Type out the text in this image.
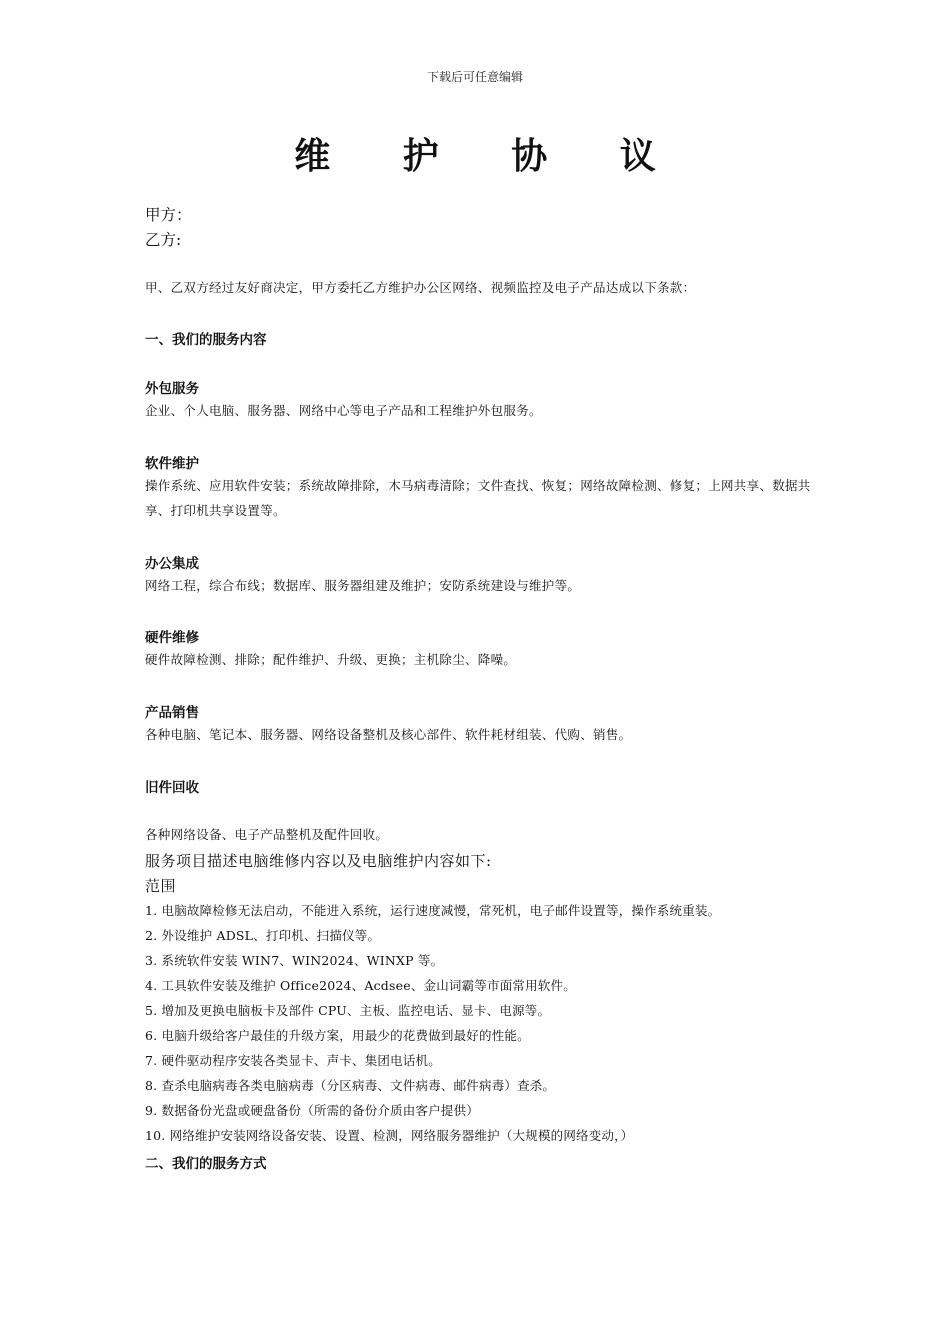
下载后可任意编辑
维 护 协 议
甲方：
乙方:
甲、乙双方经过友好商决定，甲方委托乙方维护办公区网络、视频监控及电子产品达成以下条款：
一、我们的服务内容
外包服务
企业、个人电脑、服务器、网络中心等电子产品和工程维护外包服务。
软件维护
操作系统、应用软件安装；系统故障排除，木马病毒清除；文件查找、恢复；网络故障检测、修复；上网共享、数据共享、打印机共享设置等。
办公集成
网络工程，综合布线；数据库、服务器组建及维护；安防系统建设与维护等。
硬件维修
硬件故障检测、排除；配件维护、升级、更换；主机除尘、降噪。
产品销售
各种电脑、笔记本、服务器、网络设备整机及核心部件、软件耗材组装、代购、销售。
旧件回收
各种网络设备、电子产品整机及配件回收。
服务项目描述电脑维修内容以及电脑维护内容如下:
范围
1. 电脑故障检修无法启动，不能进入系统，运行速度减慢，常死机，电子邮件设置等，操作系统重装。
2. 外设维护 ADSL、打印机、扫描仪等。
3. 系统软件安装 WIN7、WIN2024、WINXP 等。
4. 工具软件安装及维护 Office2024、Acdsee、金山词霸等市面常用软件。
5. 增加及更换电脑板卡及部件 CPU、主板、监控电话、显卡、电源等。
6. 电脑升级给客户最佳的升级方案，用最少的花费做到最好的性能。
7. 硬件驱动程序安装各类显卡、声卡、集团电话机。
8. 查杀电脑病毒各类电脑病毒（分区病毒、文件病毒、邮件病毒）查杀。
9. 数据备份光盘或硬盘备份（所需的备份介质由客户提供）
10. 网络维护安装网络设备安装、设置、检测，网络服务器维护（大规模的网络变动，）
二、我们的服务方式
